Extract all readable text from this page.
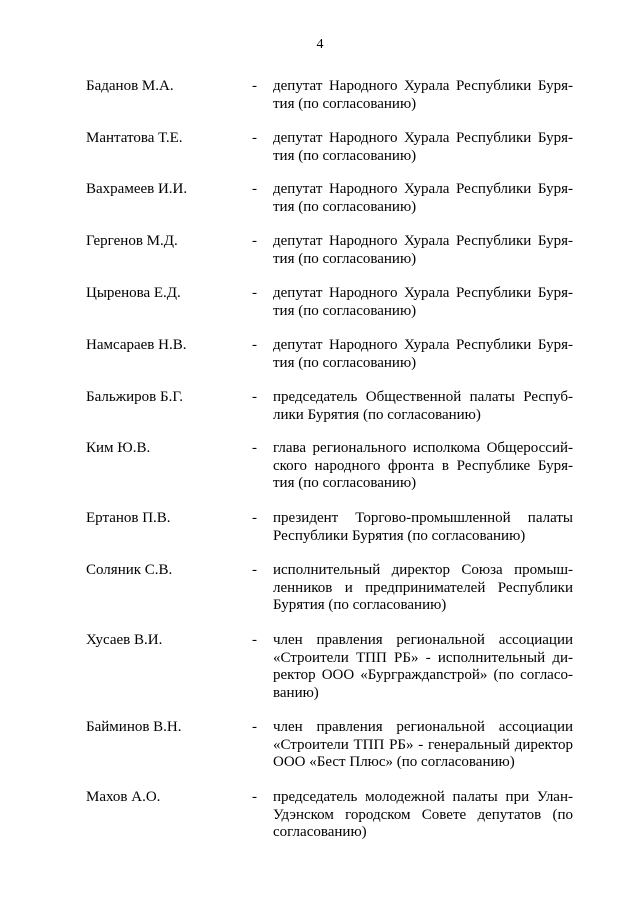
4
Баданов М.А.	- депутат Народного Хурала Республики Буря-
тия (по согласованию)
Мантатова Т.Е.	- депутат Народного Хурала Республики Буря-
тия (по согласованию)
Вахрамеев И.И.	- депутат Народного Хурала Республики Буря-
тия (по согласованию)
Гергенов М.Д.	- депутат Народного Хурала Республики Буря-
тия (по согласованию)
Цыренова Е.Д.	- депутат Народного Хурала Республики Буря-
тия (по согласованию)
Намсараев Н.В.	- депутат Народного Хурала Республики Буря-
тия (по согласованию)
Бальжиров Б.Г.	- председатель Общественной палаты Респуб-
лики Бурятия (по согласованию)
Ким Ю.В.	- глава регионального исполкома Общероссий-
ского народного фронта в Республике Буря-
тия (по согласованию)
Ертанов П.В.	- президент Торгово-промышленной палаты
Республики Бурятия (по согласованию)
Соляник С.В.	- исполнительный директор Союза промыш-
ленников и предпринимателей Республики
Бурятия (по согласованию)
Хусаев В.И.	- член правления региональной ассоциации
«Строители ТПП РБ» - исполнительный ди-
ректор ООО «Бурграждanстрой» (по согласо-
ванию)
Байминов В.Н.	- член правления региональной ассоциации
«Строители ТПП РБ» - генеральный директор
ООО «Бест Плюс» (по согласованию)
Махов А.О.	- председатель молодежной палаты при Улан-
Удэнском городском Совете депутатов (по
согласованию)
